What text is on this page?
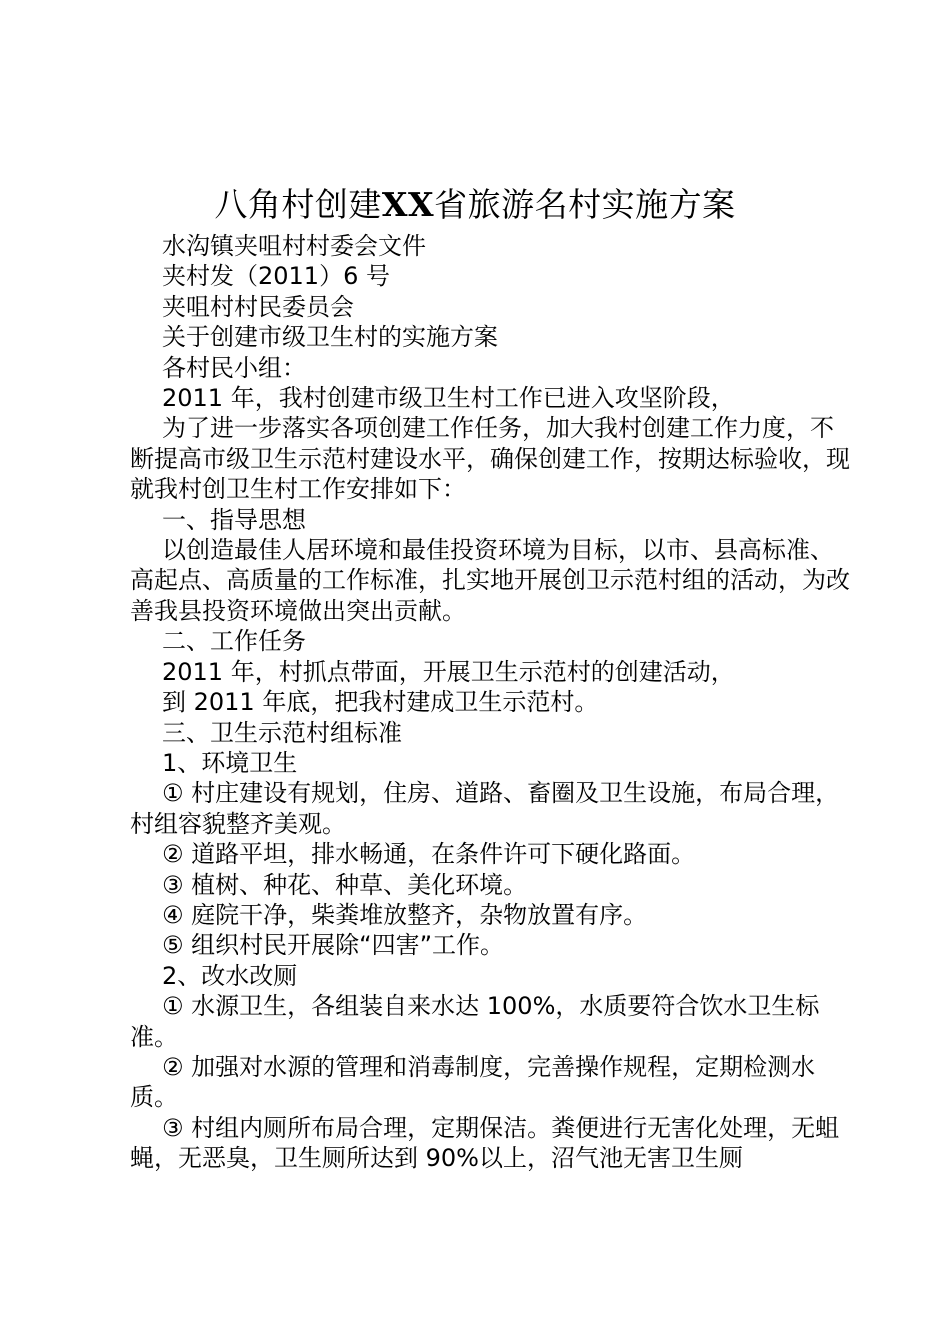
八角村创建XX省旅游名村实施方案

水沟镇夹咀村村委会文件

夹村发（2011）6 号

夹咀村村民委员会

关于创建市级卫生村的实施方案

各村民小组：

2011 年，我村创建市级卫生村工作已进入攻坚阶段，

为了进一步落实各项创建工作任务，加大我村创建工作力度，不断提高市级卫生示范村建设水平，确保创建工作，按期达标验收，现就我村创卫生村工作安排如下：

一、指导思想

以创造最佳人居环境和最佳投资环境为目标，以市、县高标准、高起点、高质量的工作标准，扎实地开展创卫示范村组的活动，为改善我县投资环境做出突出贡献。

二、工作任务

2011 年，村抓点带面，开展卫生示范村的创建活动，

到 2011 年底，把我村建成卫生示范村。

三、卫生示范村组标准

1、环境卫生

① 村庄建设有规划，住房、道路、畜圈及卫生设施，布局合理，村组容貌整齐美观。

② 道路平坦，排水畅通，在条件许可下硬化路面。

③ 植树、种花、种草、美化环境。

④ 庭院干净，柴粪堆放整齐，杂物放置有序。

⑤ 组织村民开展除“四害”工作。

2、改水改厕

① 水源卫生，各组装自来水达 100%，水质要符合饮水卫生标准。

② 加强对水源的管理和消毒制度，完善操作规程，定期检测水质。

③ 村组内厕所布局合理，定期保洁。粪便进行无害化处理，无蛆蝇，无恶臭，卫生厕所达到 90%以上，沼气池无害卫生厕
